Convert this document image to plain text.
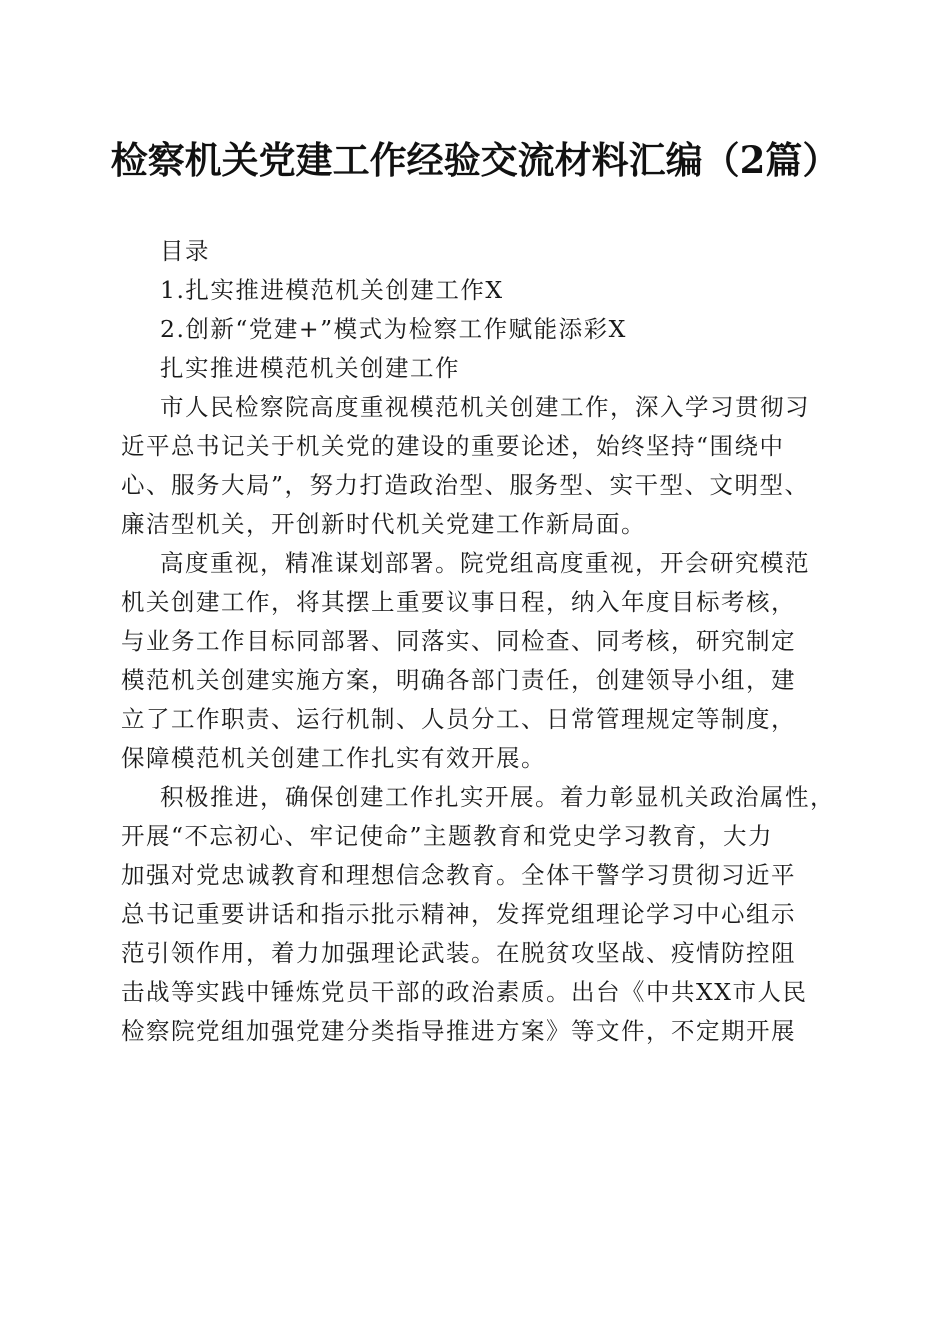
检察机关党建工作经验交流材料汇编（2篇）
目录
1.扎实推进模范机关创建工作X
2.创新“党建+”模式为检察工作赋能添彩X
扎实推进模范机关创建工作
市人民检察院高度重视模范机关创建工作，深入学习贯彻习
近平总书记关于机关党的建设的重要论述，始终坚持“围绕中
心、服务大局”，努力打造政治型、服务型、实干型、文明型、
廉洁型机关，开创新时代机关党建工作新局面。
高度重视，精准谋划部署。院党组高度重视，开会研究模范
机关创建工作，将其摆上重要议事日程，纳入年度目标考核，
与业务工作目标同部署、同落实、同检查、同考核，研究制定
模范机关创建实施方案，明确各部门责任，创建领导小组，建
立了工作职责、运行机制、人员分工、日常管理规定等制度，
保障模范机关创建工作扎实有效开展。
积极推进，确保创建工作扎实开展。着力彰显机关政治属性，
开展“不忘初心、牢记使命”主题教育和党史学习教育，大力
加强对党忠诚教育和理想信念教育。全体干警学习贯彻习近平
总书记重要讲话和指示批示精神，发挥党组理论学习中心组示
范引领作用，着力加强理论武装。在脱贫攻坚战、疫情防控阻
击战等实践中锤炼党员干部的政治素质。出台《中共XX市人民
检察院党组加强党建分类指导推进方案》等文件，不定期开展
